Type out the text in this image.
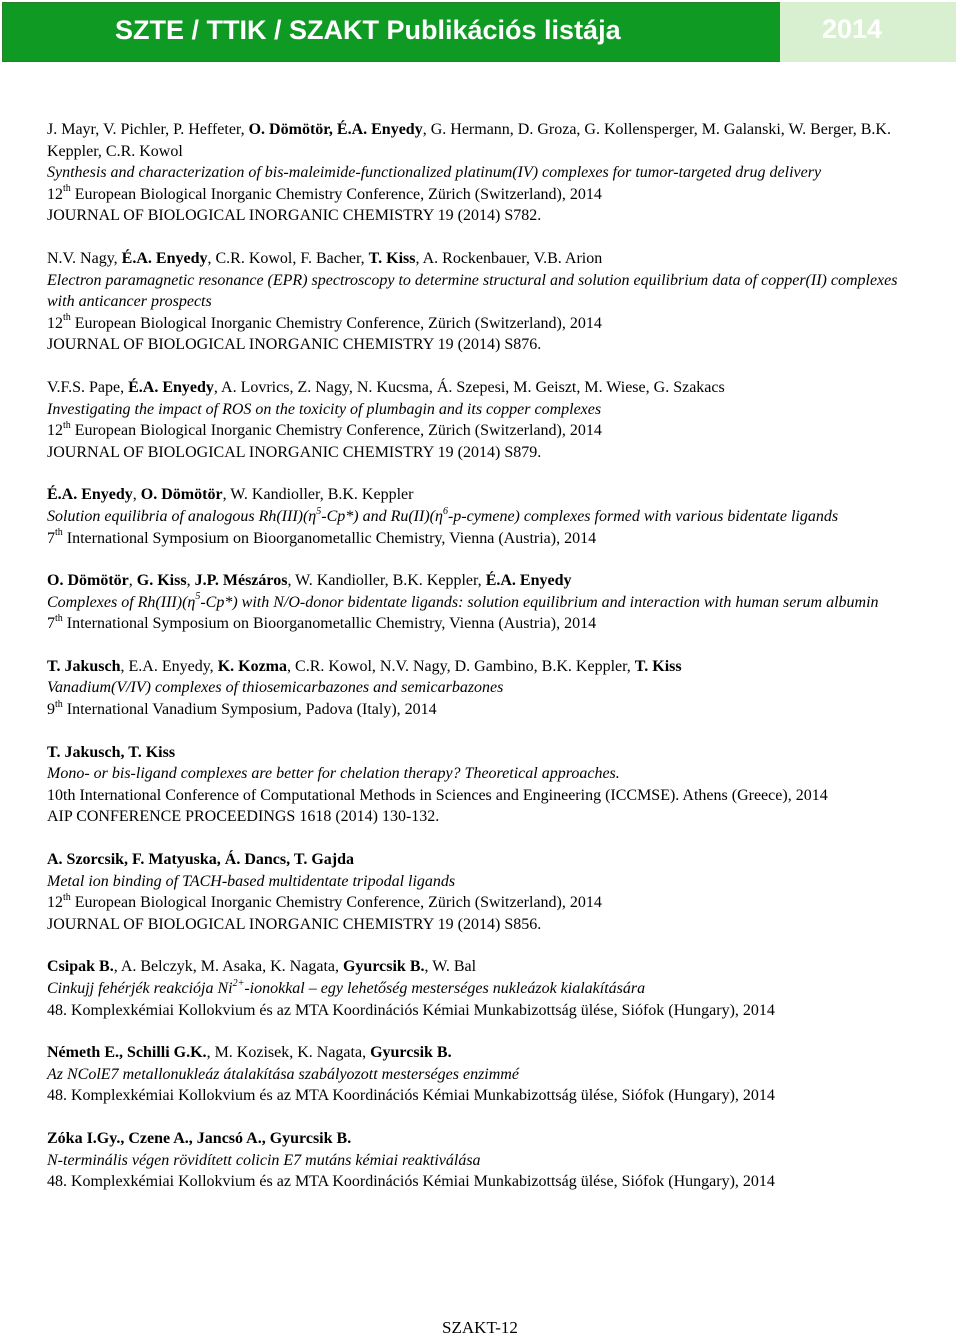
SZTE / TTIK / SZAKT Publikációs listája	2014
J. Mayr, V. Pichler, P. Heffeter, O. Dömötör, É.A. Enyedy, G. Hermann, D. Groza, G. Kollensperger, M. Galanski, W. Berger, B.K. Keppler, C.R. Kowol
Synthesis and characterization of bis-maleimide-functionalized platinum(IV) complexes for tumor-targeted drug delivery
12th European Biological Inorganic Chemistry Conference, Zürich (Switzerland), 2014
JOURNAL OF BIOLOGICAL INORGANIC CHEMISTRY 19 (2014) S782.
N.V. Nagy, É.A. Enyedy, C.R. Kowol, F. Bacher, T. Kiss, A. Rockenbauer, V.B. Arion
Electron paramagnetic resonance (EPR) spectroscopy to determine structural and solution equilibrium data of copper(II) complexes with anticancer prospects
12th European Biological Inorganic Chemistry Conference, Zürich (Switzerland), 2014
JOURNAL OF BIOLOGICAL INORGANIC CHEMISTRY 19 (2014) S876.
V.F.S. Pape, É.A. Enyedy, A. Lovrics, Z. Nagy, N. Kucsma, Á. Szepesi, M. Geiszt, M. Wiese, G. Szakacs
Investigating the impact of ROS on the toxicity of plumbagin and its copper complexes
12th European Biological Inorganic Chemistry Conference, Zürich (Switzerland), 2014
JOURNAL OF BIOLOGICAL INORGANIC CHEMISTRY 19 (2014) S879.
É.A. Enyedy, O. Dömötör, W. Kandioller, B.K. Keppler
Solution equilibria of analogous $Rh(III)(\eta^5-Cp*)$ and $Ru(II)(\eta^6-p-cymene)$ complexes formed with various bidentate ligands
7th International Symposium on Bioorganometallic Chemistry, Vienna (Austria), 2014
O. Dömötör, G. Kiss, J.P. Mészáros, W. Kandioller, B.K. Keppler, É.A. Enyedy
Complexes of $Rh(III)(\eta^5-Cp*)$ with N/O-donor bidentate ligands: solution equilibrium and interaction with human serum albumin
7th International Symposium on Bioorganometallic Chemistry, Vienna (Austria), 2014
T. Jakusch, E.A. Enyedy, K. Kozma, C.R. Kowol, N.V. Nagy, D. Gambino, B.K. Keppler, T. Kiss
Vanadium(V/IV) complexes of thiosemicarbazones and semicarbazones
9th International Vanadium Symposium, Padova (Italy), 2014
T. Jakusch, T. Kiss
Mono- or bis-ligand complexes are better for chelation therapy? Theoretical approaches.
10th International Conference of Computational Methods in Sciences and Engineering (ICCMSE). Athens (Greece), 2014
AIP CONFERENCE PROCEEDINGS 1618 (2014) 130-132.
A. Szorcsik, F. Matyuska, Á. Dancs, T. Gajda
Metal ion binding of TACH-based multidentate tripodal ligands
12th European Biological Inorganic Chemistry Conference, Zürich (Switzerland), 2014
JOURNAL OF BIOLOGICAL INORGANIC CHEMISTRY 19 (2014) S856.
Csipak B., A. Belczyk, M. Asaka, K. Nagata, Gyurcsik B., W. Bal
Cinkujj fehérjék reakciója $Ni^{2+}$-ionokkal – egy lehetőség mesterséges nukleázok kialakítására
48. Komplexkémiai Kollokvium és az MTA Koordinációs Kémiai Munkabizottság ülése, Siófok (Hungary), 2014
Németh E., Schilli G.K., M. Kozisek, K. Nagata, Gyurcsik B.
Az NColE7 metallonukleáz átalakítása szabályozott mesterséges enzimmé
48. Komplexkémiai Kollokvium és az MTA Koordinációs Kémiai Munkabizottság ülése, Siófok (Hungary), 2014
Zóka I.Gy., Czene A., Jancsó A., Gyurcsik B.
N-terminális végen rövidített colicin E7 mutáns kémiai reaktiválása
48. Komplexkémiai Kollokvium és az MTA Koordinációs Kémiai Munkabizottság ülése, Siófok (Hungary), 2014
SZAKT-12
